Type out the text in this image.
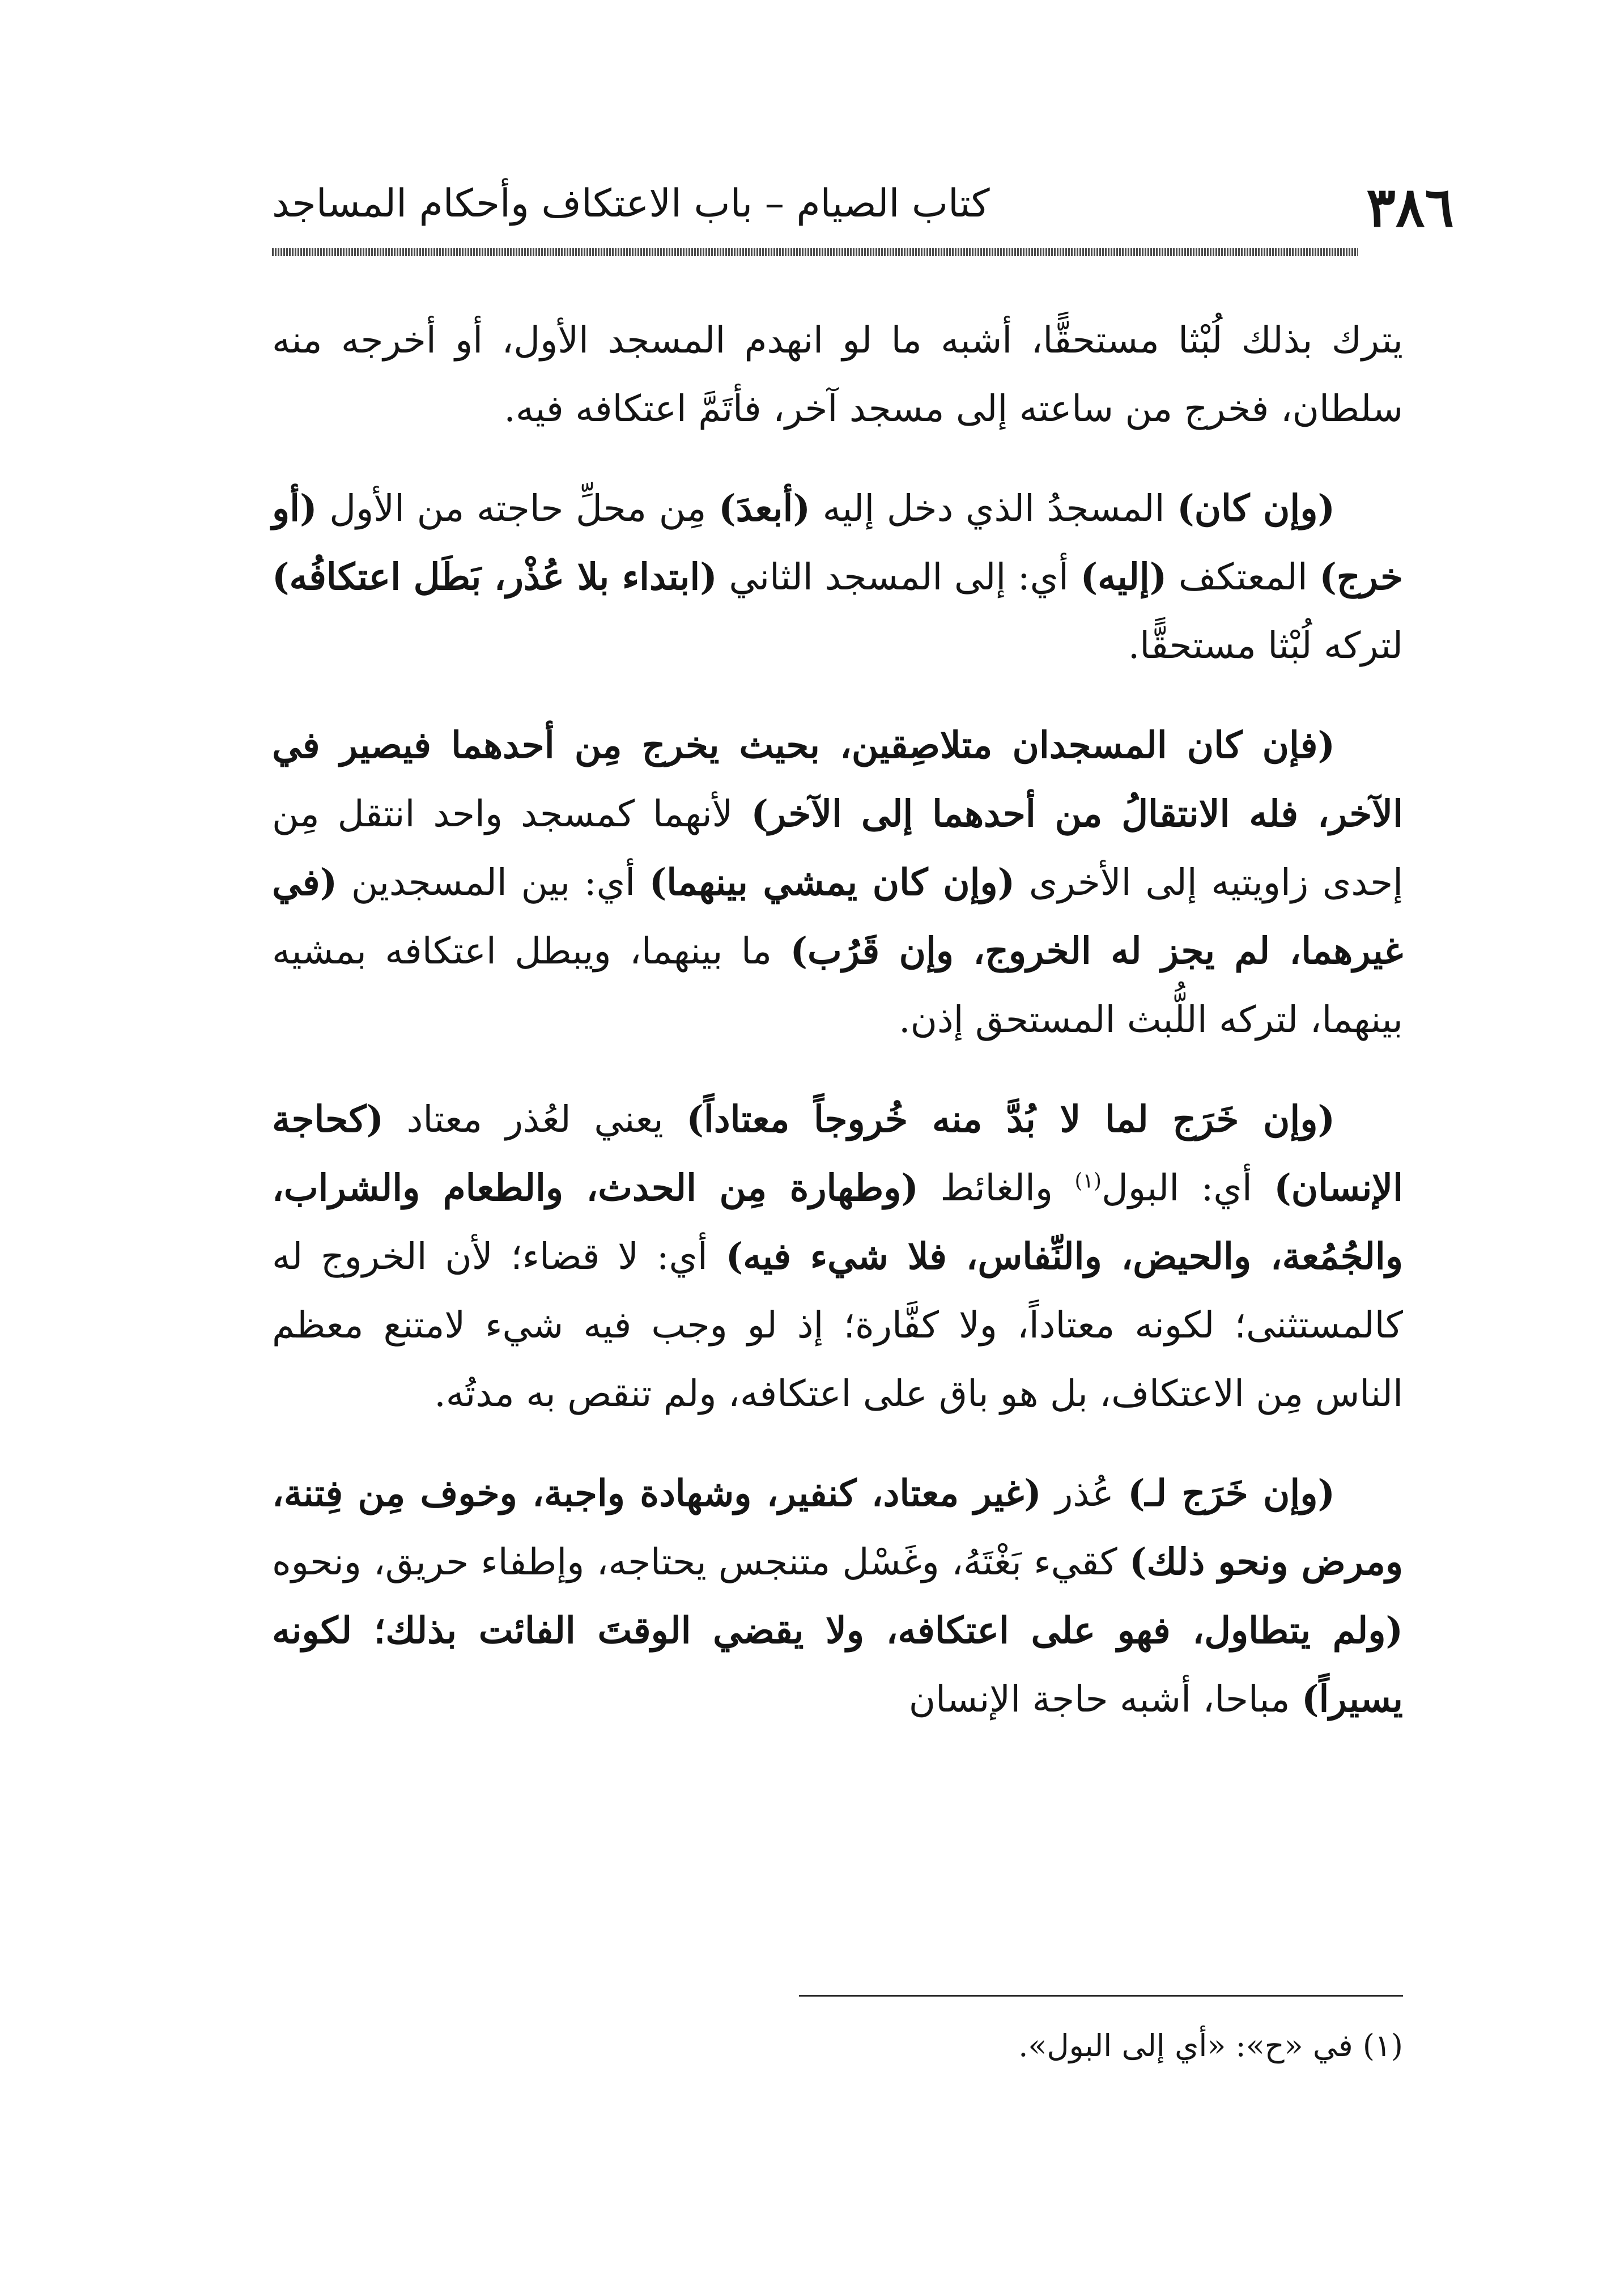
٣٨٦
كتاب الصيام – باب الاعتكاف وأحكام المساجد

يترك بذلك لُبْثا مستحقًّا، أشبه ما لو انهدم المسجد الأول، أو أخرجه منه سلطان، فخرج من ساعته إلى مسجد آخر، فأتَمَّ اعتكافه فيه.

(وإن كان) المسجدُ الذي دخل إليه (أبعدَ) مِن محلِّ حاجته من الأول (أو خرج) المعتكف (إليه) أي: إلى المسجد الثاني (ابتداء بلا عُذْر، بَطَل اعتكافُه) لتركه لُبْثا مستحقًّا.

(فإن كان المسجدان متلاصِقين، بحيث يخرج مِن أحدهما فيصير في الآخر، فله الانتقالُ من أحدهما إلى الآخر) لأنهما كمسجد واحد انتقل مِن إحدى زاويتيه إلى الأخرى (وإن كان يمشي بينهما) أي: بين المسجدين (في غيرهما، لم يجز له الخروج، وإن قَرُب) ما بينهما، ويبطل اعتكافه بمشيه بينهما، لتركه اللُّبث المستحق إذن.

(وإن خَرَج لما لا بُدَّ منه خُروجاً معتاداً) يعني لعُذر معتاد (كحاجة الإنسان) أي: البول$^{(١)}$ والغائط (وطهارة مِن الحدث، والطعام والشراب، والجُمُعة، والحيض، والنِّفاس، فلا شيء فيه) أي: لا قضاء؛ لأن الخروج له كالمستثنى؛ لكونه معتاداً، ولا كفَّارة؛ إذ لو وجب فيه شيء لامتنع معظم الناس مِن الاعتكاف، بل هو باق على اعتكافه، ولم تنقص به مدتُه.

(وإن خَرَج لـ) عُذر (غير معتاد، كنفير، وشهادة واجبة، وخوف مِن فِتنة، ومرض ونحو ذلك) كقيء بَغْتَهُ، وغَسْل متنجس يحتاجه، وإطفاء حريق، ونحوه (ولم يتطاول، فهو على اعتكافه، ولا يقضي الوقتَ الفائت بذلك؛ لكونه يسيراً) مباحا، أشبه حاجة الإنسان

(١) في «ح»: «أي إلى البول».
